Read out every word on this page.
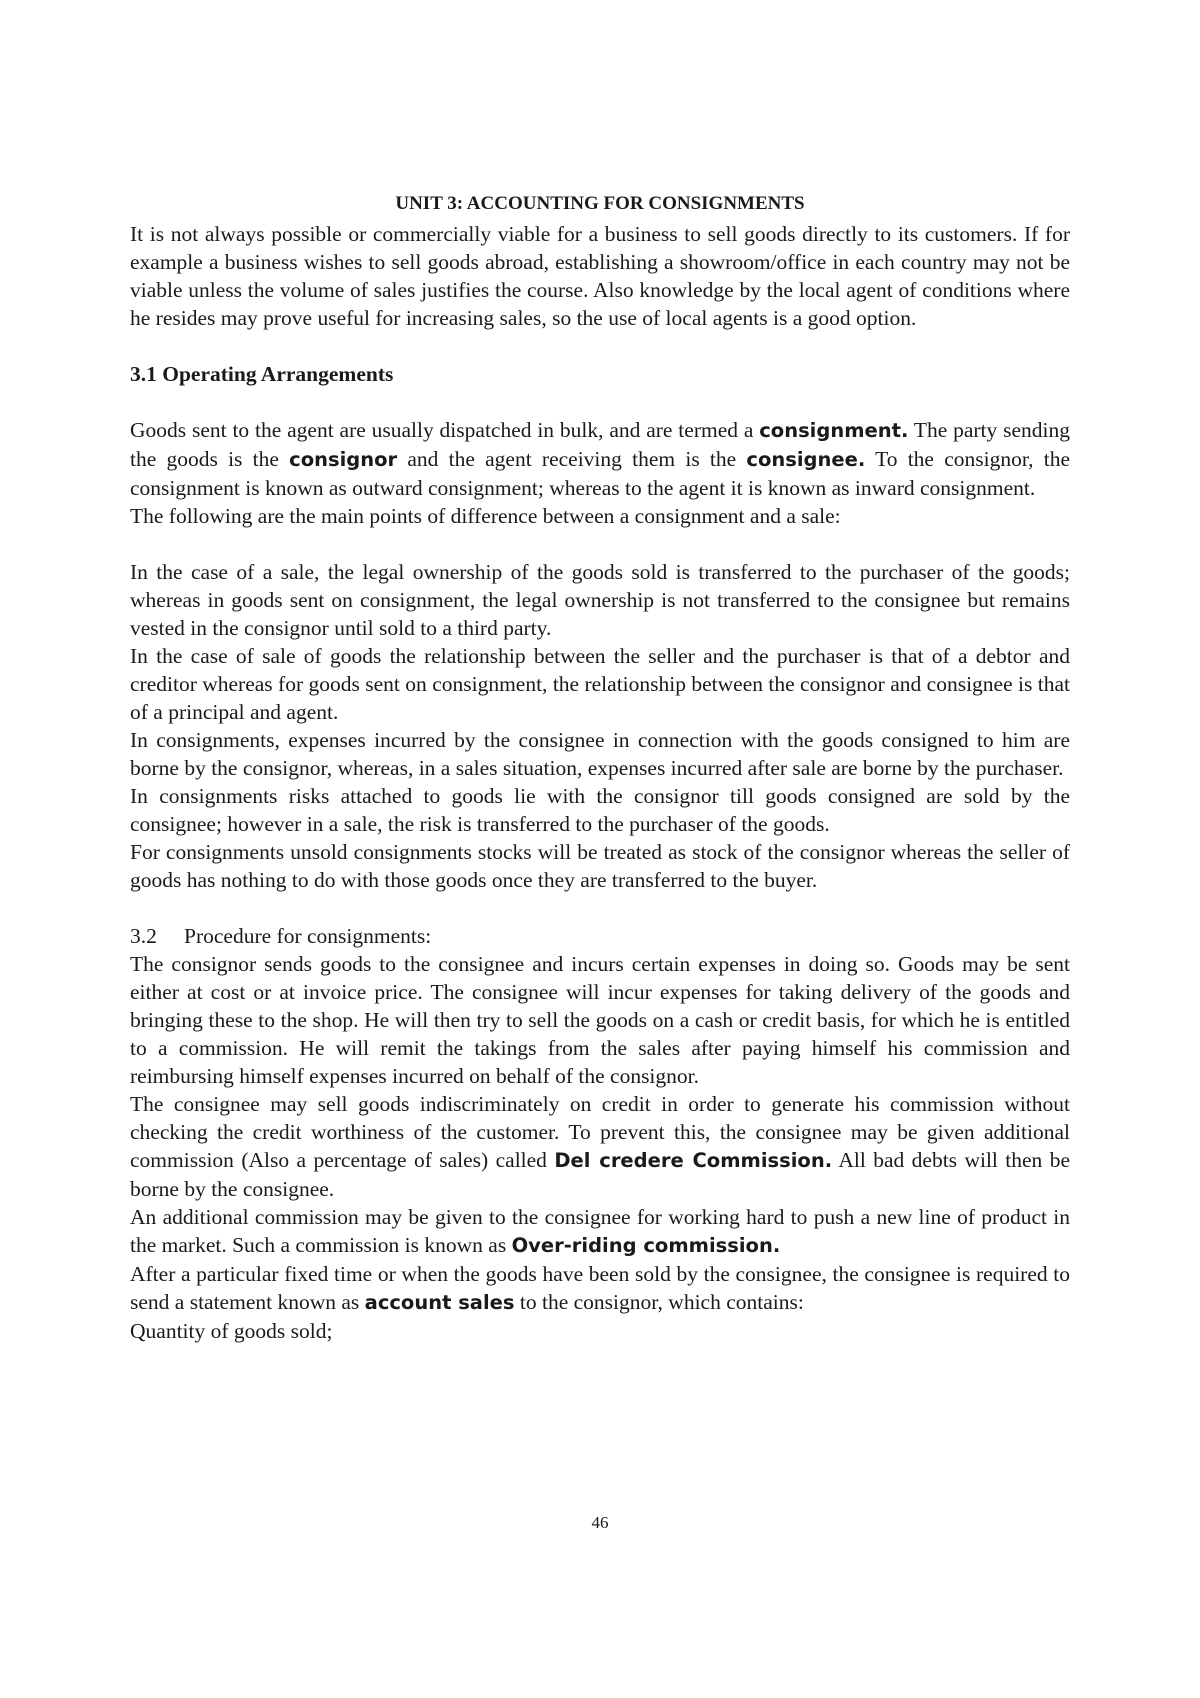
UNIT 3: ACCOUNTING FOR CONSIGNMENTS

It is not always possible or commercially viable for a business to sell goods directly to its customers. If for example a business wishes to sell goods abroad, establishing a showroom/office in each country may not be viable unless the volume of sales justifies the course. Also knowledge by the local agent of conditions where he resides may prove useful for increasing sales, so the use of local agents is a good option.

3.1 Operating Arrangements

Goods sent to the agent are usually dispatched in bulk, and are termed a consignment. The party sending the goods is the consignor and the agent receiving them is the consignee. To the consignor, the consignment is known as outward consignment; whereas to the agent it is known as inward consignment.

The following are the main points of difference between a consignment and a sale:

In the case of a sale, the legal ownership of the goods sold is transferred to the purchaser of the goods; whereas in goods sent on consignment, the legal ownership is not transferred to the consignee but remains vested in the consignor until sold to a third party.

In the case of sale of goods the relationship between the seller and the purchaser is that of a debtor and creditor whereas for goods sent on consignment, the relationship between the consignor and consignee is that of a principal and agent.

In consignments, expenses incurred by the consignee in connection with the goods consigned to him are borne by the consignor, whereas, in a sales situation, expenses incurred after sale are borne by the purchaser.

In consignments risks attached to goods lie with the consignor till goods consigned are sold by the consignee; however in a sale, the risk is transferred to the purchaser of the goods.

For consignments unsold consignments stocks will be treated as stock of the consignor whereas the seller of goods has nothing to do with those goods once they are transferred to the buyer.

3.2 Procedure for consignments:

The consignor sends goods to the consignee and incurs certain expenses in doing so. Goods may be sent either at cost or at invoice price. The consignee will incur expenses for taking delivery of the goods and bringing these to the shop. He will then try to sell the goods on a cash or credit basis, for which he is entitled to a commission. He will remit the takings from the sales after paying himself his commission and reimbursing himself expenses incurred on behalf of the consignor.

The consignee may sell goods indiscriminately on credit in order to generate his commission without checking the credit worthiness of the customer. To prevent this, the consignee may be given additional commission (Also a percentage of sales) called Del credere Commission. All bad debts will then be borne by the consignee.

An additional commission may be given to the consignee for working hard to push a new line of product in the market. Such a commission is known as Over-riding commission.

After a particular fixed time or when the goods have been sold by the consignee, the consignee is required to send a statement known as account sales to the consignor, which contains:

Quantity of goods sold;

46
